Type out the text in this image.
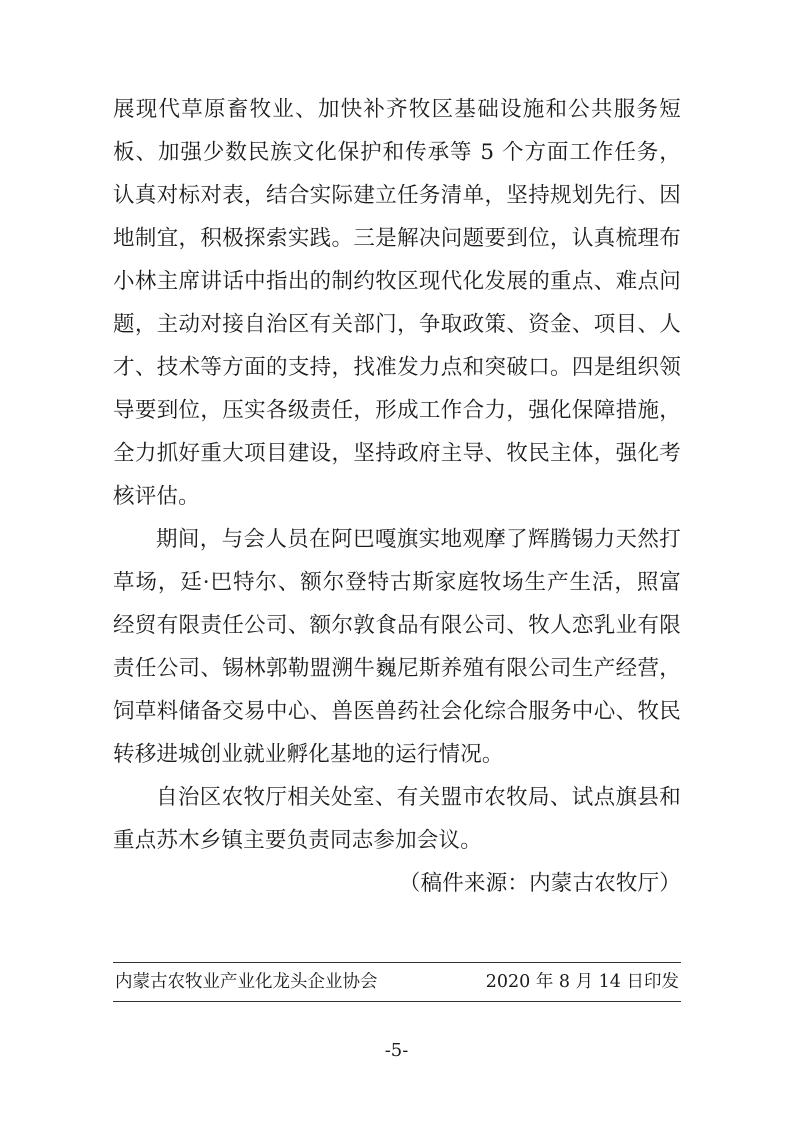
展现代草原畜牧业、加快补齐牧区基础设施和公共服务短板、加强少数民族文化保护和传承等 5 个方面工作任务，认真对标对表，结合实际建立任务清单，坚持规划先行、因地制宜，积极探索实践。三是解决问题要到位，认真梳理布小林主席讲话中指出的制约牧区现代化发展的重点、难点问题，主动对接自治区有关部门，争取政策、资金、项目、人才、技术等方面的支持，找准发力点和突破口。四是组织领导要到位，压实各级责任，形成工作合力，强化保障措施，全力抓好重大项目建设，坚持政府主导、牧民主体，强化考核评估。

期间，与会人员在阿巴嘎旗实地观摩了辉腾锡力天然打草场，廷·巴特尔、额尔登特古斯家庭牧场生产生活，照富经贸有限责任公司、额尔敦食品有限公司、牧人恋乳业有限责任公司、锡林郭勒盟溯牛巍尼斯养殖有限公司生产经营，饲草料储备交易中心、兽医兽药社会化综合服务中心、牧民转移进城创业就业孵化基地的运行情况。

自治区农牧厅相关处室、有关盟市农牧局、试点旗县和重点苏木乡镇主要负责同志参加会议。

（稿件来源：内蒙古农牧厅）

内蒙古农牧业产业化龙头企业协会	2020 年 8 月 14 日印发
-5-
